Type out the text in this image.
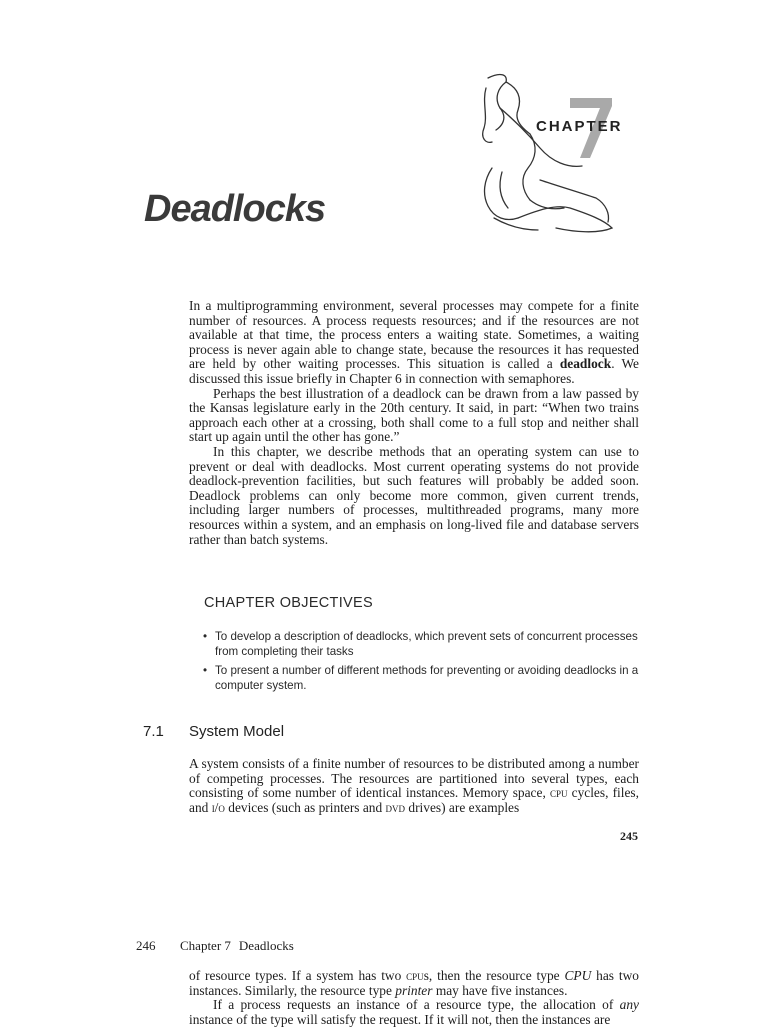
CHAPTER
Deadlocks

In a multiprogramming environment, several processes may compete for a finite number of resources. A process requests resources; and if the resources are not available at that time, the process enters a waiting state. Sometimes, a waiting process is never again able to change state, because the resources it has requested are held by other waiting processes. This situation is called a deadlock. We discussed this issue briefly in Chapter 6 in connection with semaphores.

Perhaps the best illustration of a deadlock can be drawn from a law passed by the Kansas legislature early in the 20th century. It said, in part: “When two trains approach each other at a crossing, both shall come to a full stop and neither shall start up again until the other has gone.”

In this chapter, we describe methods that an operating system can use to prevent or deal with deadlocks. Most current operating systems do not provide deadlock-prevention facilities, but such features will probably be added soon. Deadlock problems can only become more common, given current trends, including larger numbers of processes, multithreaded programs, many more resources within a system, and an emphasis on long-lived file and database servers rather than batch systems.

CHAPTER OBJECTIVES
• To develop a description of deadlocks, which prevent sets of concurrent processes from completing their tasks
• To present a number of different methods for preventing or avoiding deadlocks in a computer system.
7.1 System Model

A system consists of a finite number of resources to be distributed among a number of competing processes. The resources are partitioned into several types, each consisting of some number of identical instances. Memory space, cpu cycles, files, and i/o devices (such as printers and dvd drives) are examples

245
246 Chapter 7 Deadlocks

of resource types. If a system has two cpus, then the resource type CPU has two instances. Similarly, the resource type printer may have five instances.

If a process requests an instance of a resource type, the allocation of any instance of the type will satisfy the request. If it will not, then the instances are
